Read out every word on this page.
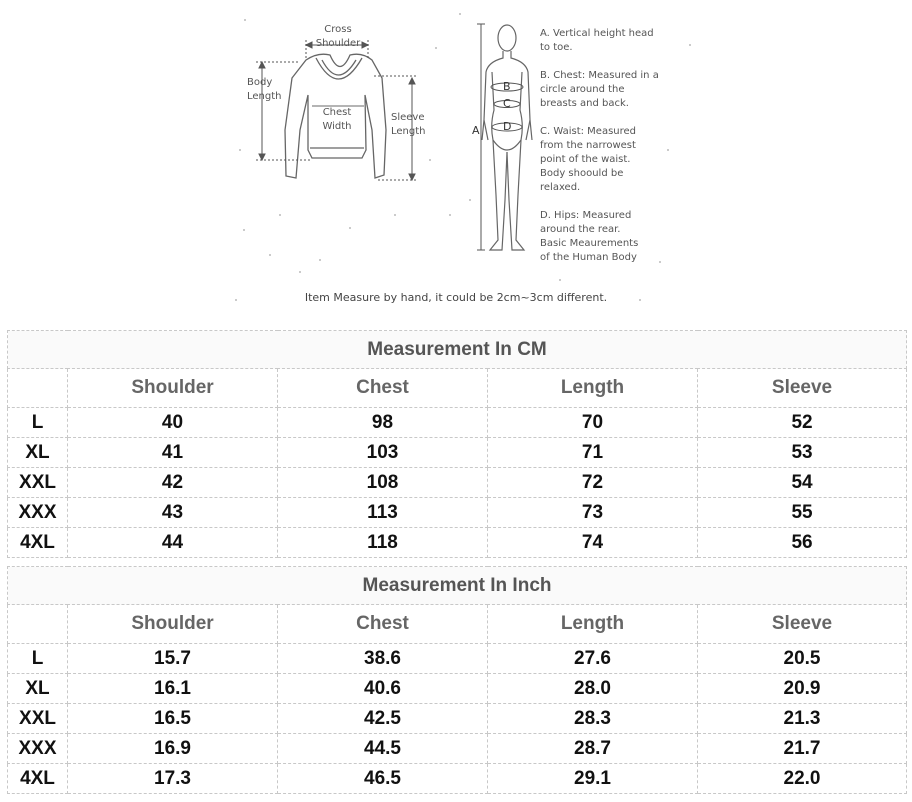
Cross
Shoulder
Body
Length
Chest
Width
Sleeve
Length	A
B
C
D
A. Vertical height head
to toe.
B. Chest: Measured in a
circle around the
breasts and back.
C. Waist: Measured
from the narrowest
point of the waist.
Body shoould be
relaxed.
D. Hips: Measured
around the rear.
Basic Meaurements
of the Human Body
Item Measure by hand, it could be 2cm~3cm different.
Measurement In CM				
	Shoulder	Chest	Length	Sleeve
L	40	98	70	52
XL	41	103	71	53
XXL	42	108	72	54
XXX	43	113	73	55
4XL	44	118	74	56
Measurement In Inch				
	Shoulder	Chest	Length	Sleeve
L	15.7	38.6	27.6	20.5
XL	16.1	40.6	28.0	20.9
XXL	16.5	42.5	28.3	21.3
XXX	16.9	44.5	28.7	21.7
4XL	17.3	46.5	29.1	22.0
